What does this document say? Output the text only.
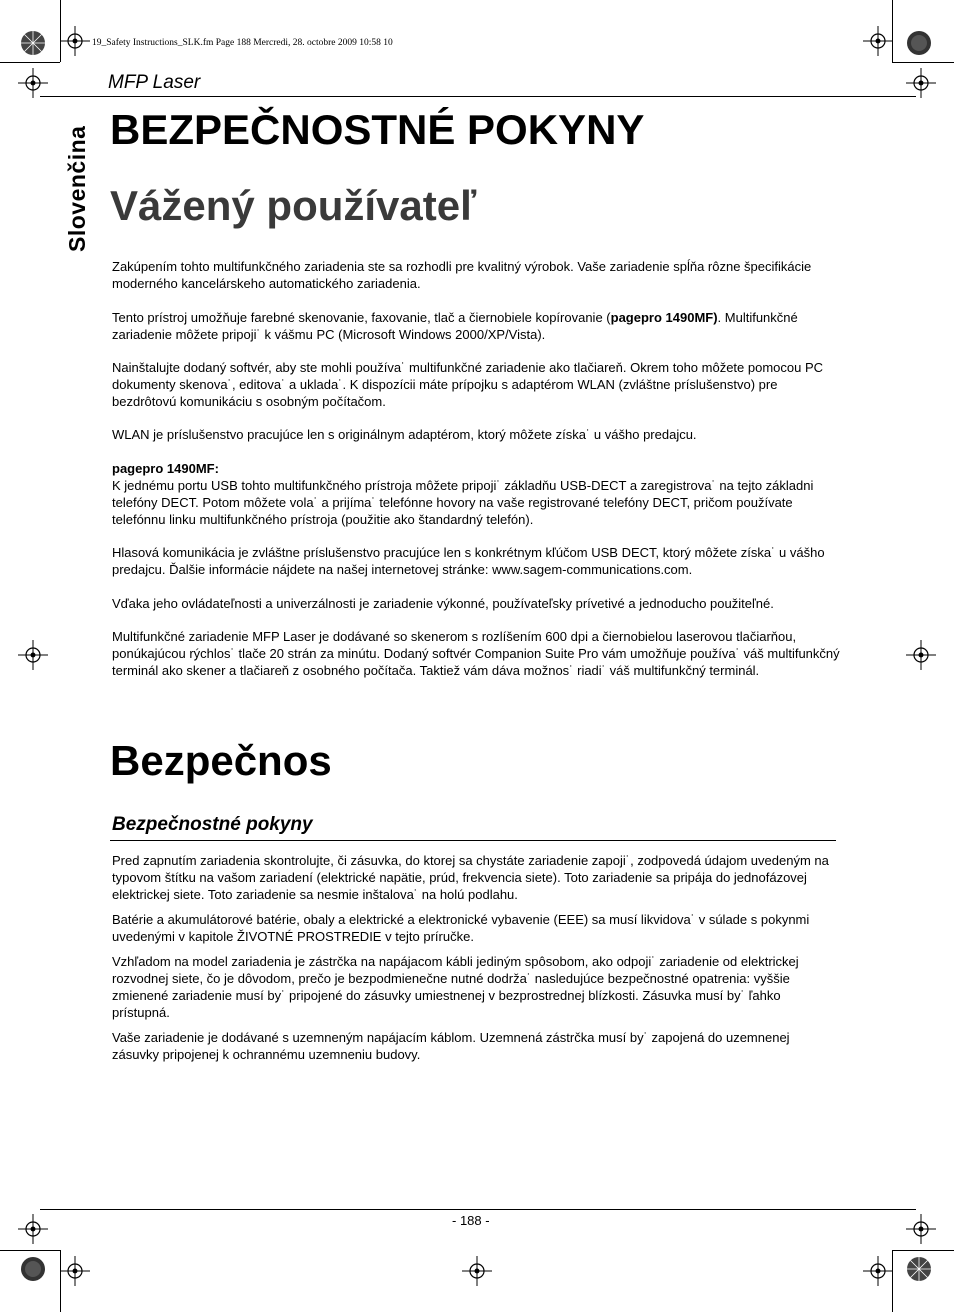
19_Safety Instructions_SLK.fm Page 188 Mercredi, 28. octobre 2009 10:58 10
MFP Laser
Slovenčina BEZPEČNOSTNÉ POKYNY
Vážený používateľ
Zakúpením tohto multifunkčného zariadenia ste sa rozhodli pre kvalitný výrobok. Vaše zariadenie spĺňa rôzne špecifikácie moderného kancelárskeho automatického zariadenia.
Tento prístroj umožňuje farebné skenovanie, faxovanie, tlač a čiernobiele kopírovanie (pagepro 1490MF). Multifunkčné zariadenie môžete pripoji˙ k vášmu PC (Microsoft Windows 2000/XP/Vista).
Nainštalujte dodaný softvér, aby ste mohli používa˙ multifunkčné zariadenie ako tlačiareň. Okrem toho môžete pomocou PC dokumenty skenova˙, editova˙ a uklada˙. K dispozícii máte prípojku s adaptérom WLAN (zvláštne príslušenstvo) pre bezdrôtovú komunikáciu s osobným počítačom.
WLAN je príslušenstvo pracujúce len s originálnym adaptérom, ktorý môžete získa˙ u vášho predajcu.
pagepro 1490MF:
K jednému portu USB tohto multifunkčného prístroja môžete pripoji˙ základňu USB-DECT a zaregistrova˙ na tejto základni telefóny DECT. Potom môžete vola˙ a prijíma˙ telefónne hovory na vaše registrované telefóny DECT, pričom používate telefónnu linku multifunkčného prístroja (použitie ako štandardný telefón).
Hlasová komunikácia je zvláštne príslušenstvo pracujúce len s konkrétnym kľúčom USB DECT, ktorý môžete získa˙ u vášho predajcu. Ďalšie informácie nájdete na našej internetovej stránke: www.sagem-communications.com.
Vďaka jeho ovládateľnosti a univerzálnosti je zariadenie výkonné, používateľsky prívetivé a jednoducho použiteľné.
Multifunkčné zariadenie MFP Laser je dodávané so skenerom s rozlíšením 600 dpi a čiernobielou laserovou tlačiarňou, ponúkajúcou rýchlos˙ tlače 20 strán za minútu. Dodaný softvér Companion Suite Pro vám umožňuje používa˙ váš multifunkčný terminál ako skener a tlačiareň z osobného počítača. Taktiež vám dáva možnos˙ riadi˙ váš multifunkčný terminál.
Bezpečnos
Bezpečnostné pokyny
Pred zapnutím zariadenia skontrolujte, či zásuvka, do ktorej sa chystáte zariadenie zapoji˙, zodpovedá údajom uvedeným na typovom štítku na vašom zariadení (elektrické napätie, prúd, frekvencia siete). Toto zariadenie sa pripája do jednofázovej elektrickej siete. Toto zariadenie sa nesmie inštalova˙ na holú podlahu.
Batérie a akumulátorové batérie, obaly a elektrické a elektronické vybavenie (EEE) sa musí likvidova˙ v súlade s pokynmi uvedenými v kapitole ŽIVOTNÉ PROSTREDIE v tejto príručke.
Vzhľadom na model zariadenia je zástrčka na napájacom kábli jediným spôsobom, ako odpoji˙ zariadenie od elektrickej rozvodnej siete, čo je dôvodom, prečo je bezpodmienečne nutné dodrža˙ nasledujúce bezpečnostné opatrenia: vyššie zmienené zariadenie musí by˙ pripojené do zásuvky umiestnenej v bezprostrednej blízkosti. Zásuvka musí by˙ ľahko prístupná.
Vaše zariadenie je dodávané s uzemneným napájacím káblom. Uzemnená zástrčka musí by˙ zapojená do uzemnenej zásuvky pripojenej k ochrannému uzemneniu budovy.
- 188 -
